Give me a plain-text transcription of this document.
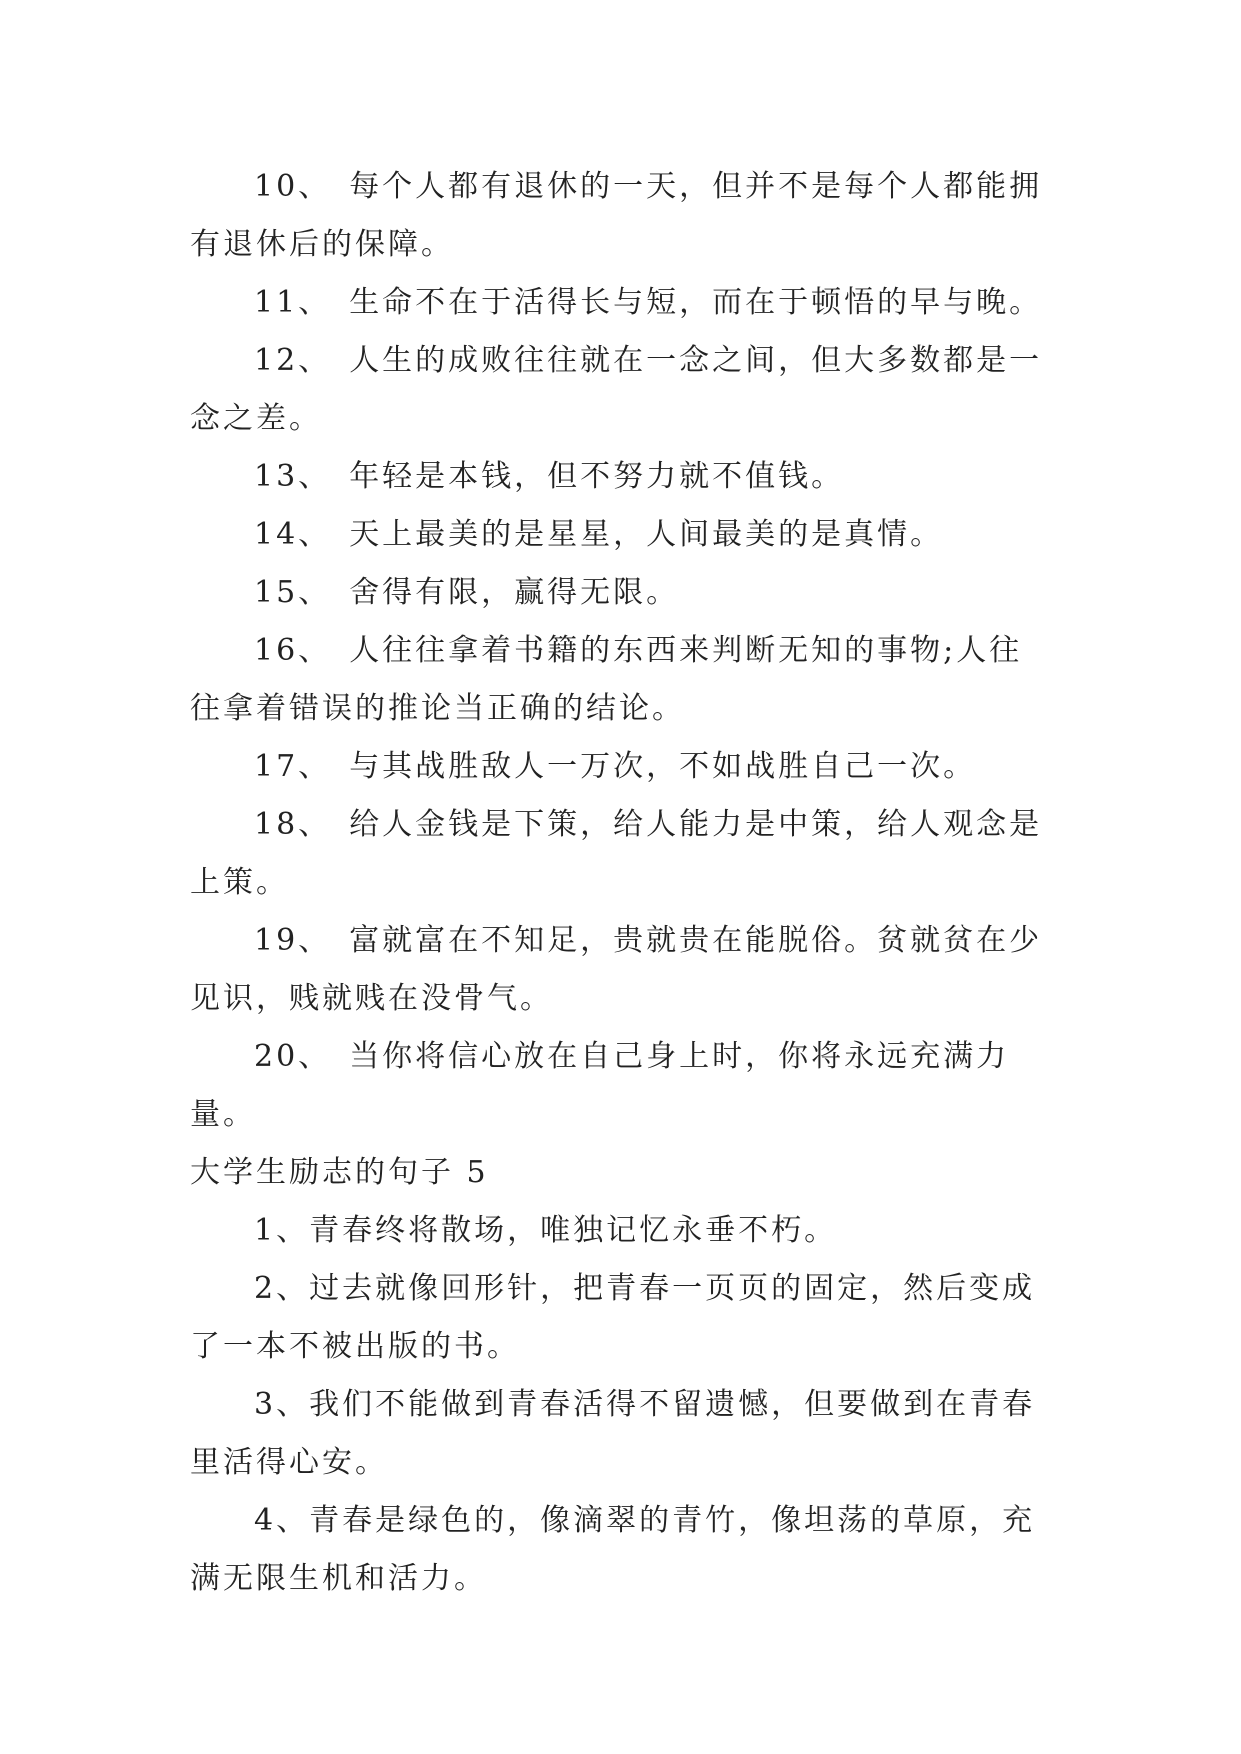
10、 每个人都有退休的一天，但并不是每个人都能拥有退休后的保障。

11、 生命不在于活得长与短，而在于顿悟的早与晚。

12、 人生的成败往往就在一念之间，但大多数都是一念之差。

13、 年轻是本钱，但不努力就不值钱。

14、 天上最美的是星星，人间最美的是真情。

15、 舍得有限，赢得无限。

16、 人往往拿着书籍的东西来判断无知的事物;人往往拿着错误的推论当正确的结论。

17、 与其战胜敌人一万次，不如战胜自己一次。

18、 给人金钱是下策，给人能力是中策，给人观念是上策。

19、 富就富在不知足，贵就贵在能脱俗。贫就贫在少见识，贱就贱在没骨气。

20、 当你将信心放在自己身上时，你将永远充满力量。

大学生励志的句子 5

1、青春终将散场，唯独记忆永垂不朽。

2、过去就像回形针，把青春一页页的固定，然后变成了一本不被出版的书。

3、我们不能做到青春活得不留遗憾，但要做到在青春里活得心安。

4、青春是绿色的，像滴翠的青竹，像坦荡的草原，充满无限生机和活力。
